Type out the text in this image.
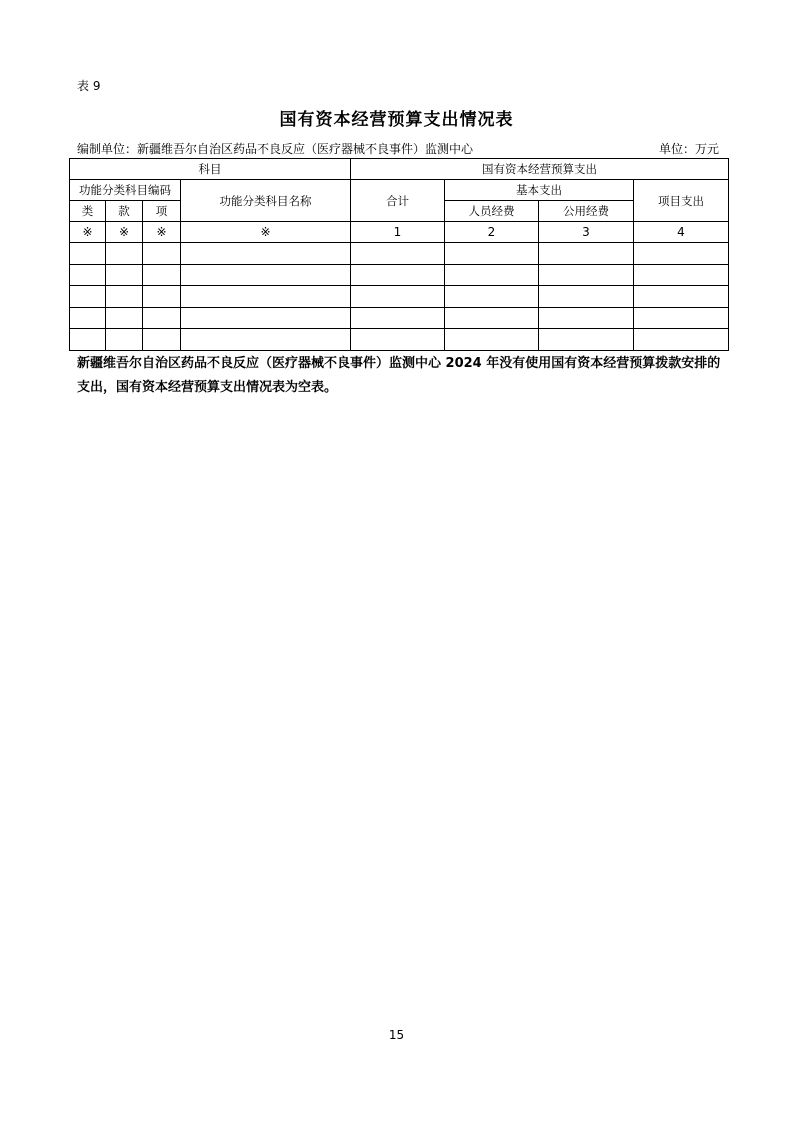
表 9
国有资本经营预算支出情况表
编制单位：新疆维吾尔自治区药品不良反应（医疗器械不良事件）监测中心	单位：万元
科目				国有资本经营预算支出			
功能分类科目编码			功能分类科目名称	合计	基本支出		项目支出
类	款	项			人员经费	公用经费	
※	※	※	※	1	2	3	4

新疆维吾尔自治区药品不良反应（医疗器械不良事件）监测中心 2024 年没有使用国有资本经营预算拨款安排的支出，国有资本经营预算支出情况表为空表。
15
